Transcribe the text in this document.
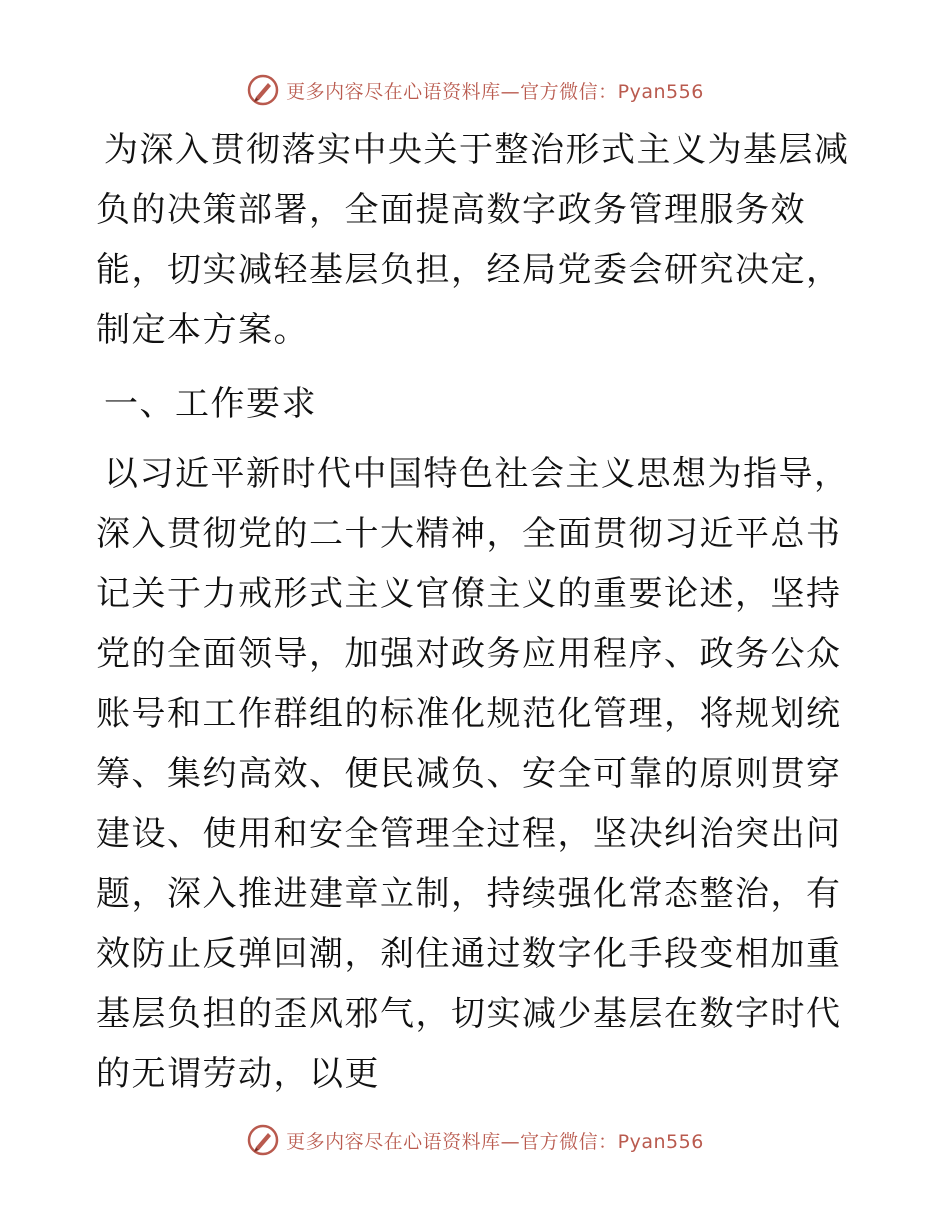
更多内容尽在心语资料库—官方微信：Pyan556

为深入贯彻落实中央关于整治形式主义为基层减负的决策部署，全面提高数字政务管理服务效能，切实减轻基层负担，经局党委会研究决定，制定本方案。

一、工作要求

以习近平新时代中国特色社会主义思想为指导，深入贯彻党的二十大精神，全面贯彻习近平总书记关于力戒形式主义官僚主义的重要论述，坚持党的全面领导，加强对政务应用程序、政务公众账号和工作群组的标准化规范化管理，将规划统筹、集约高效、便民减负、安全可靠的原则贯穿建设、使用和安全管理全过程，坚决纠治突出问题，深入推进建章立制，持续强化常态整治，有效防止反弹回潮，刹住通过数字化手段变相加重基层负担的歪风邪气，切实减少基层在数字时代的无谓劳动，以更

更多内容尽在心语资料库—官方微信：Pyan556
